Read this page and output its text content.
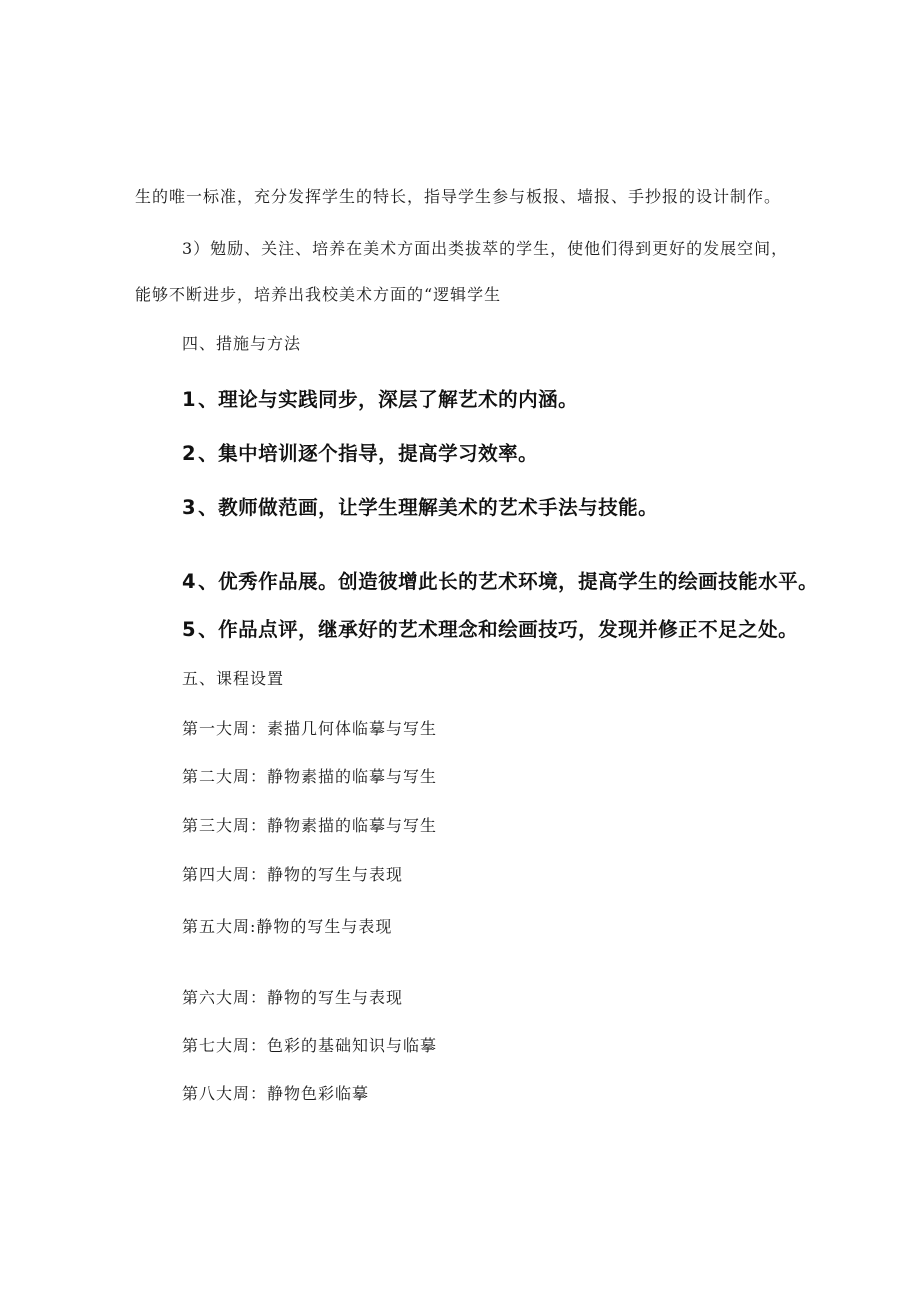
生的唯一标准，充分发挥学生的特长，指导学生参与板报、墙报、手抄报的设计制作。
3）勉励、关注、培养在美术方面出类拔萃的学生，使他们得到更好的发展空间，
能够不断进步，培养出我校美术方面的“逻辑学生
四、措施与方法
1 、理论与实践同步，深层了解艺术的内涵。
2 、集中培训逐个指导，提高学习效率。
3 、教师做范画，让学生理解美术的艺术手法与技能。
4 、优秀作品展。创造彼增此长的艺术环境，提高学生的绘画技能水平。
5 、作品点评，继承好的艺术理念和绘画技巧，发现并修正不足之处。
五、课程设置
第一大周：素描几何体临摹与写生
第二大周：静物素描的临摹与写生
第三大周：静物素描的临摹与写生
第四大周：静物的写生与表现
第五大周:静物的写生与表现
第六大周：静物的写生与表现
第七大周：色彩的基础知识与临摹
第八大周：静物色彩临摹
